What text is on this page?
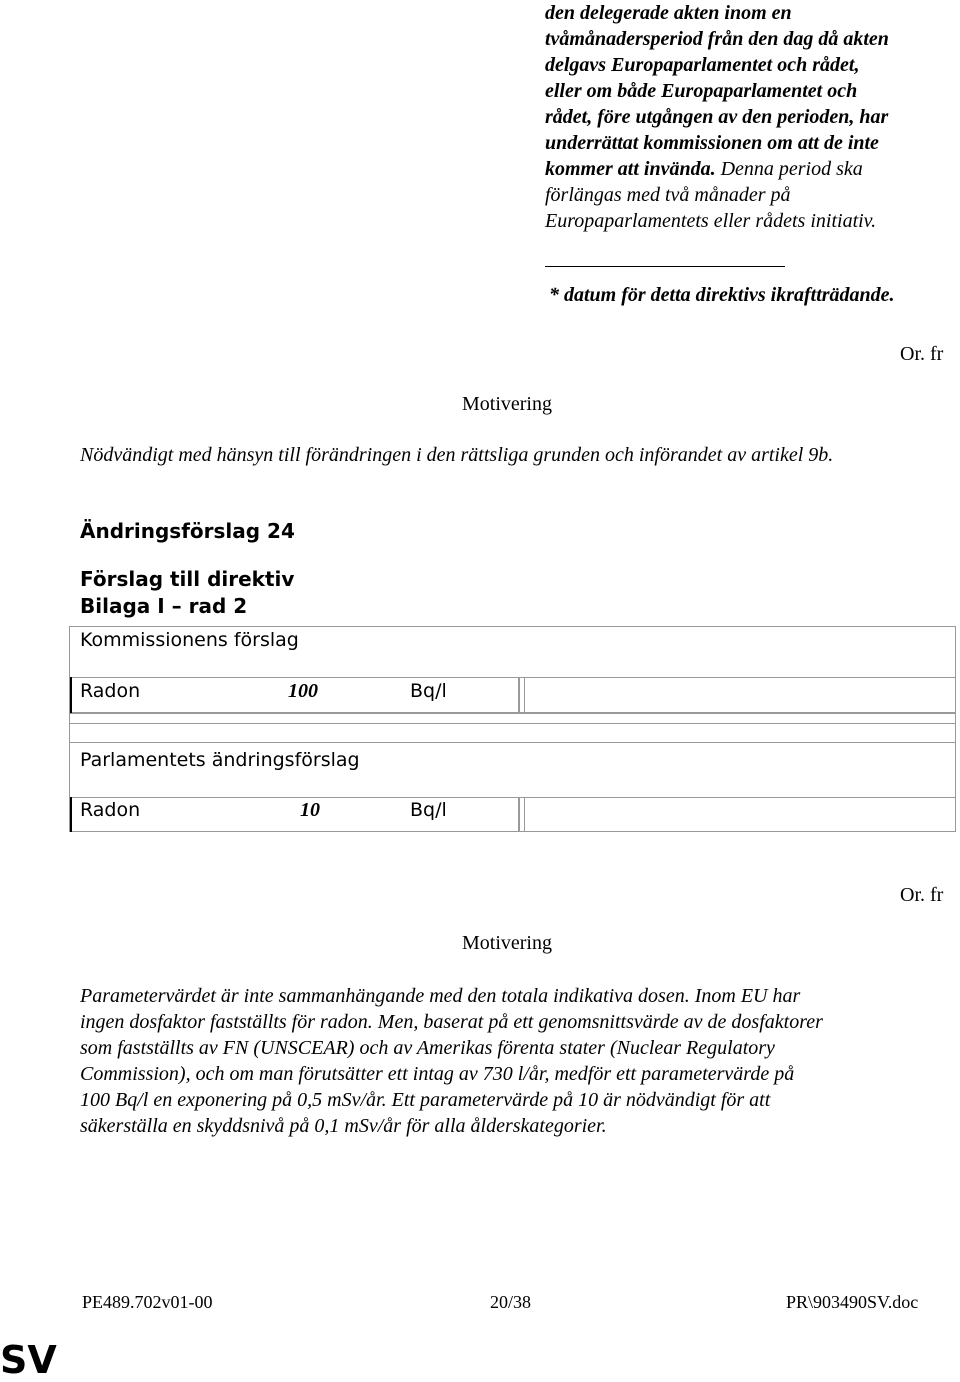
den delegerade akten inom en
tvåmånadersperiod från den dag då akten
delgavs Europaparlamentet och rådet,
eller om både Europaparlamentet och
rådet, före utgången av den perioden, har
underrättat kommissionen om att de inte
kommer att invända. Denna period ska
förlängas med två månader på
Europaparlamentets eller rådets initiativ.
* datum för detta direktivs ikraftträdande.
Or. fr
Motivering
Nödvändigt med hänsyn till förändringen i den rättsliga grunden och införandet av artikel 9b.
Ändringsförslag 24
Förslag till direktiv
Bilaga I – rad 2
Kommissionens förslag
Radon	100	Bq/l
Parlamentets ändringsförslag
Radon	10	Bq/l
Or. fr
Motivering
Parametervärdet är inte sammanhängande med den totala indikativa dosen. Inom EU har
ingen dosfaktor fastställts för radon. Men, baserat på ett genomsnittsvärde av de dosfaktorer
som fastställts av FN (UNSCEAR) och av Amerikas förenta stater (Nuclear Regulatory
Commission), och om man förutsätter ett intag av 730 l/år, medför ett parametervärde på
100 Bq/l en exponering på 0,5 mSv/år. Ett parametervärde på 10 är nödvändigt för att
säkerställa en skyddsnivå på 0,1 mSv/år för alla ålderskategorier.
PE489.702v01-00	20/38	PR\903490SV.doc
SV
